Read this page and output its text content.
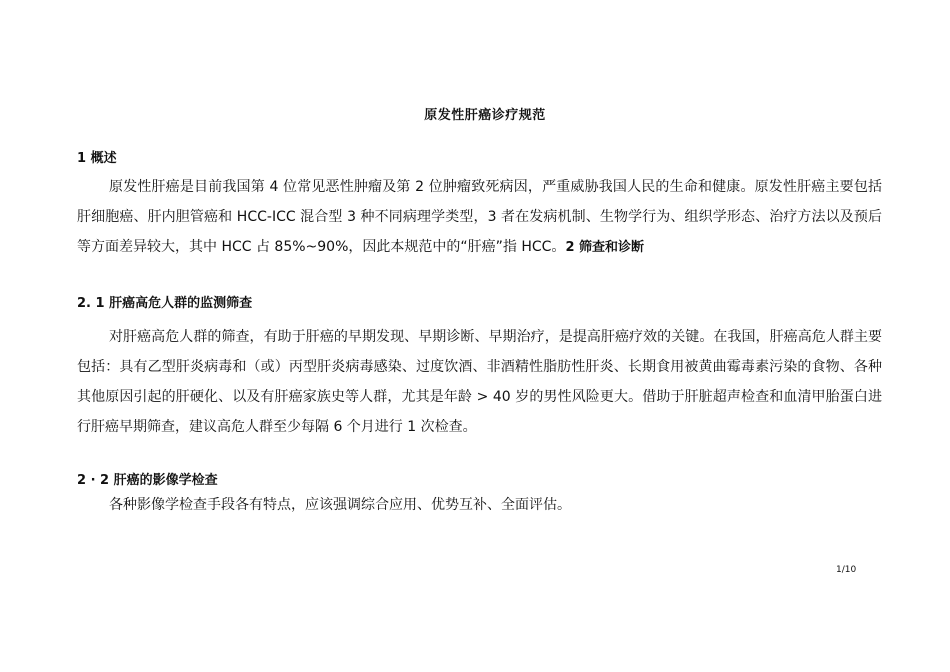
原发性肝癌诊疗规范
1 概述
原发性肝癌是目前我国第 4 位常见恶性肿瘤及第 2 位肿瘤致死病因，严重威胁我国人民的生命和健康。原发性肝癌主要包括肝细胞癌、肝内胆管癌和 HCC-ICC 混合型 3 种不同病理学类型，3 者在发病机制、生物学行为、组织学形态、治疗方法以及预后等方面差异较大，其中 HCC 占 85%~90%，因此本规范中的“肝癌”指 HCC。2 筛查和诊断
2. 1 肝癌高危人群的监测筛查
对肝癌高危人群的筛查，有助于肝癌的早期发现、早期诊断、早期治疗，是提高肝癌疗效的关键。在我国，肝癌高危人群主要包括：具有乙型肝炎病毒和（或）丙型肝炎病毒感染、过度饮酒、非酒精性脂肪性肝炎、长期食用被黄曲霉毒素污染的食物、各种其他原因引起的肝硬化、以及有肝癌家族史等人群，尤其是年龄 > 40 岁的男性风险更大。借助于肝脏超声检查和血清甲胎蛋白进行肝癌早期筛查，建议高危人群至少每隔 6 个月进行 1 次检查。
2 · 2 肝癌的影像学检查
各种影像学检查手段各有特点，应该强调综合应用、优势互补、全面评估。
1/10
